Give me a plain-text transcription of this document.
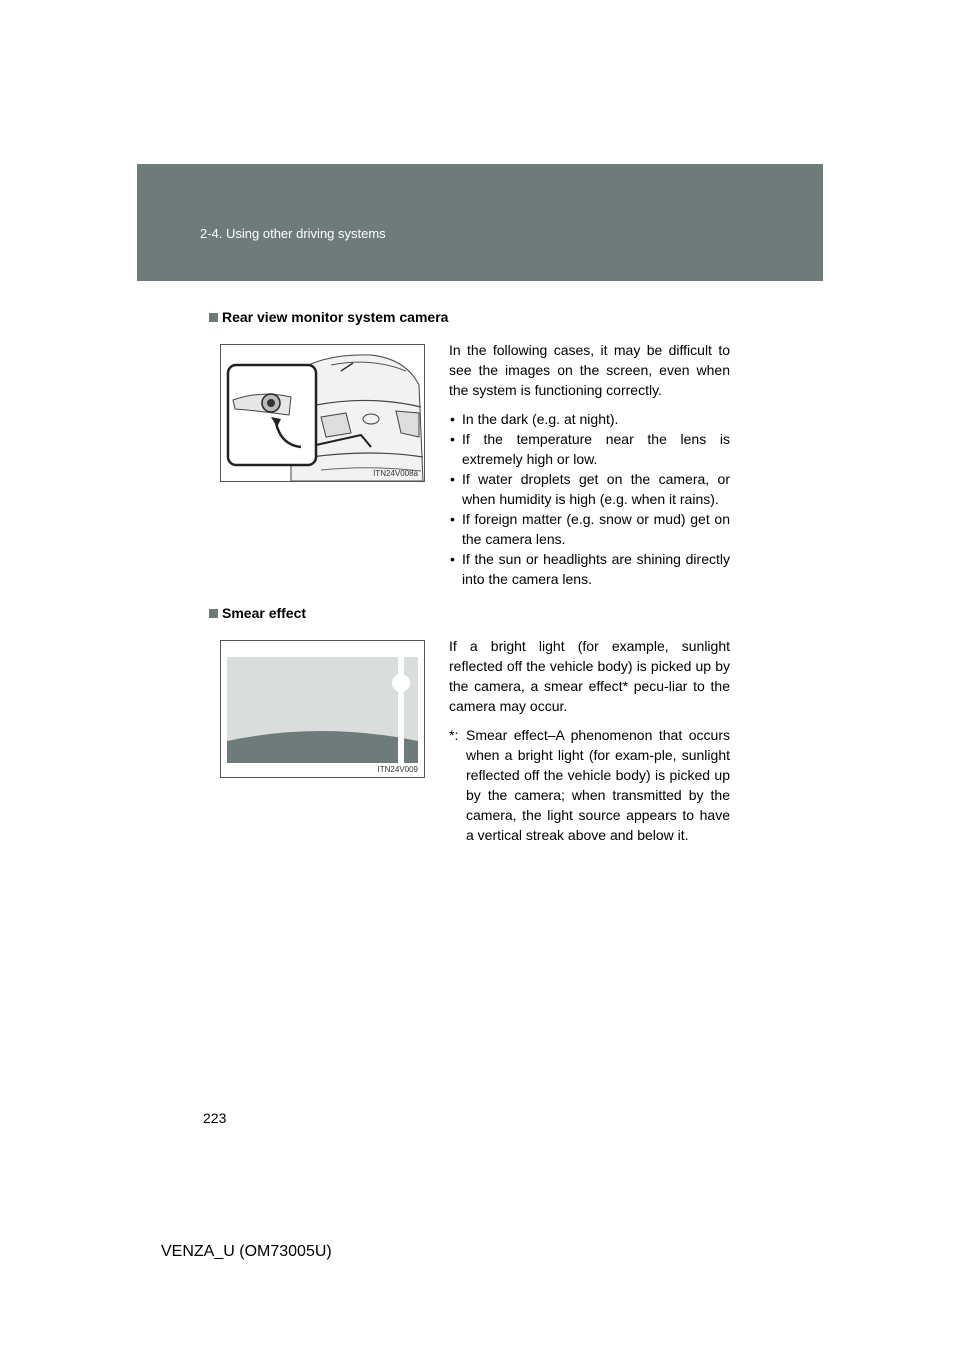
2-4. Using other driving systems
Rear view monitor system camera
ITN24V008a

In the following cases, it may be difficult to see the images on the screen, even when the system is functioning correctly.

• In the dark (e.g. at night).
• If the temperature near the lens is extremely high or low.
• If water droplets get on the camera, or when humidity is high (e.g. when it rains).
• If foreign matter (e.g. snow or mud) get on the camera lens.
• If the sun or headlights are shining directly into the camera lens.
Smear effect
ITN24V009

If a bright light (for example, sunlight reflected off the vehicle body) is picked up by the camera, a smear effect* pecu-liar to the camera may occur.

*: Smear effect–A phenomenon that occurs when a bright light (for exam-ple, sunlight reflected off the vehicle body) is picked up by the camera; when transmitted by the camera, the light source appears to have a vertical streak above and below it.
223
VENZA_U (OM73005U)
